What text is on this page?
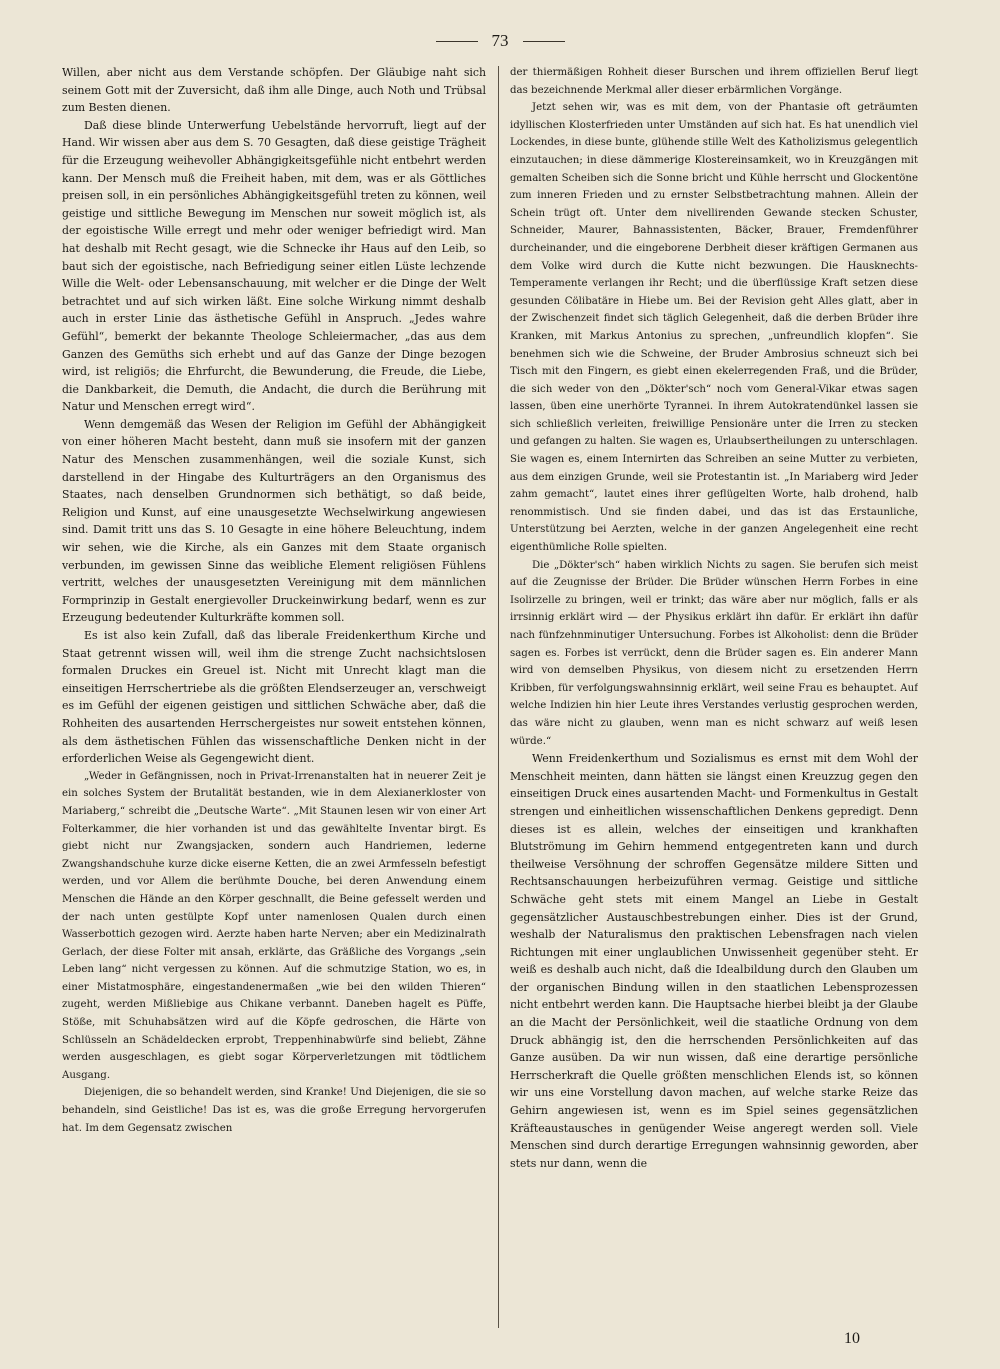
73

Willen, aber nicht aus dem Verstande schöpfen. Der Gläubige naht sich seinem Gott mit der Zuversicht, daß ihm alle Dinge, auch Noth und Trübsal zum Besten dienen.

Daß diese blinde Unterwerfung Uebelstände hervorruft, liegt auf der Hand. Wir wissen aber aus dem S. 70 Gesagten, daß diese geistige Trägheit für die Erzeugung weihevoller Abhängigkeitsgefühle nicht entbehrt werden kann. Der Mensch muß die Freiheit haben, mit dem, was er als Göttliches preisen soll, in ein persönliches Abhängigkeitsgefühl treten zu können, weil geistige und sittliche Bewegung im Menschen nur soweit möglich ist, als der egoistische Wille erregt und mehr oder weniger befriedigt wird. Man hat deshalb mit Recht gesagt, wie die Schnecke ihr Haus auf den Leib, so baut sich der egoistische, nach Befriedigung seiner eitlen Lüste lechzende Wille die Welt- oder Lebensanschauung, mit welcher er die Dinge der Welt betrachtet und auf sich wirken läßt. Eine solche Wirkung nimmt deshalb auch in erster Linie das ästhetische Gefühl in Anspruch. „Jedes wahre Gefühl“, bemerkt der bekannte Theologe Schleiermacher, „das aus dem Ganzen des Gemüths sich erhebt und auf das Ganze der Dinge bezogen wird, ist religiös; die Ehrfurcht, die Bewunderung, die Freude, die Liebe, die Dankbarkeit, die Demuth, die Andacht, die durch die Berührung mit Natur und Menschen erregt wird“.

Wenn demgemäß das Wesen der Religion im Gefühl der Abhängigkeit von einer höheren Macht besteht, dann muß sie insofern mit der ganzen Natur des Menschen zusammenhängen, weil die soziale Kunst, sich darstellend in der Hingabe des Kulturträgers an den Organismus des Staates, nach denselben Grundnormen sich bethätigt, so daß beide, Religion und Kunst, auf eine unausgesetzte Wechselwirkung angewiesen sind. Damit tritt uns das S. 10 Gesagte in eine höhere Beleuchtung, indem wir sehen, wie die Kirche, als ein Ganzes mit dem Staate organisch verbunden, im gewissen Sinne das weibliche Element religiösen Fühlens vertritt, welches der unausgesetzten Vereinigung mit dem männlichen Formprinzip in Gestalt energievoller Druckeinwirkung bedarf, wenn es zur Erzeugung bedeutender Kulturkräfte kommen soll.

Es ist also kein Zufall, daß das liberale Freidenkerthum Kirche und Staat getrennt wissen will, weil ihm die strenge Zucht nachsichtslosen formalen Druckes ein Greuel ist. Nicht mit Unrecht klagt man die einseitigen Herrschertriebe als die größten Elendserzeuger an, verschweigt es im Gefühl der eigenen geistigen und sittlichen Schwäche aber, daß die Rohheiten des ausartenden Herrschergeistes nur soweit entstehen können, als dem ästhetischen Fühlen das wissenschaftliche Denken nicht in der erforderlichen Weise als Gegengewicht dient.

„Weder in Gefängnissen, noch in Privat-Irrenanstalten hat in neuerer Zeit je ein solches System der Brutalität bestanden, wie in dem Alexianerkloster von Mariaberg,“ schreibt die „Deutsche Warte“. „Mit Staunen lesen wir von einer Art Folterkammer, die hier vorhanden ist und das gewähltelte Inventar birgt. Es giebt nicht nur Zwangsjacken, sondern auch Handriemen, lederne Zwangshandschuhe kurze dicke eiserne Ketten, die an zwei Armfesseln befestigt werden, und vor Allem die berühmte Douche, bei deren Anwendung einem Menschen die Hände an den Körper geschnallt, die Beine gefesselt werden und der nach unten gestülpte Kopf unter namenlosen Qualen durch einen Wasserbottich gezogen wird. Aerzte haben harte Nerven; aber ein Medizinalrath Gerlach, der diese Folter mit ansah, erklärte, das Gräßliche des Vorgangs „sein Leben lang“ nicht vergessen zu können. Auf die schmutzige Station, wo es, in einer Mistatmosphäre, eingestandenermaßen „wie bei den wilden Thieren“ zugeht, werden Mißliebige aus Chikane verbannt. Daneben hagelt es Püffe, Stöße, mit Schuhabsätzen wird auf die Köpfe gedroschen, die Härte von Schlüsseln an Schädeldecken erprobt, Treppenhinabwürfe sind beliebt, Zähne werden ausgeschlagen, es giebt sogar Körperverletzungen mit tödtlichem Ausgang.

Diejenigen, die so behandelt werden, sind Kranke! Und Diejenigen, die sie so behandeln, sind Geistliche! Das ist es, was die große Erregung hervorgerufen hat. Im dem Gegensatz zwischen

der thiermäßigen Rohheit dieser Burschen und ihrem offiziellen Beruf liegt das bezeichnende Merkmal aller dieser erbärmlichen Vorgänge.

Jetzt sehen wir, was es mit dem, von der Phantasie oft geträumten idyllischen Klosterfrieden unter Umständen auf sich hat. Es hat unendlich viel Lockendes, in diese bunte, glühende stille Welt des Katholizismus gelegentlich einzutauchen; in diese dämmerige Klostereinsamkeit, wo in Kreuzgängen mit gemalten Scheiben sich die Sonne bricht und Kühle herrscht und Glockentöne zum inneren Frieden und zu ernster Selbstbetrachtung mahnen. Allein der Schein trügt oft. Unter dem nivellirenden Gewande stecken Schuster, Schneider, Maurer, Bahnassistenten, Bäcker, Brauer, Fremdenführer durcheinander, und die eingeborene Derbheit dieser kräftigen Germanen aus dem Volke wird durch die Kutte nicht bezwungen. Die Hausknechts-Temperamente verlangen ihr Recht; und die überflüssige Kraft setzen diese gesunden Cölibatäre in Hiebe um. Bei der Revision geht Alles glatt, aber in der Zwischenzeit findet sich täglich Gelegenheit, daß die derben Brüder ihre Kranken, mit Markus Antonius zu sprechen, „unfreundlich klopfen“. Sie benehmen sich wie die Schweine, der Bruder Ambrosius schneuzt sich bei Tisch mit den Fingern, es giebt einen ekelerregenden Fraß, und die Brüder, die sich weder von den „Dökter'sch“ noch vom General-Vikar etwas sagen lassen, üben eine unerhörte Tyrannei. In ihrem Autokratendünkel lassen sie sich schließlich verleiten, freiwillige Pensionäre unter die Irren zu stecken und gefangen zu halten. Sie wagen es, Urlaubsertheilungen zu unterschlagen. Sie wagen es, einem Internirten das Schreiben an seine Mutter zu verbieten, aus dem einzigen Grunde, weil sie Protestantin ist. „In Mariaberg wird Jeder zahm gemacht“, lautet eines ihrer geflügelten Worte, halb drohend, halb renommistisch. Und sie finden dabei, und das ist das Erstaunliche, Unterstützung bei Aerzten, welche in der ganzen Angelegenheit eine recht eigenthümliche Rolle spielten.

Die „Dökter'sch“ haben wirklich Nichts zu sagen. Sie berufen sich meist auf die Zeugnisse der Brüder. Die Brüder wünschen Herrn Forbes in eine Isolirzelle zu bringen, weil er trinkt; das wäre aber nur möglich, falls er als irrsinnig erklärt wird — der Physikus erklärt ihn dafür. Er erklärt ihn dafür nach fünfzehnminutiger Untersuchung. Forbes ist Alkoholist: denn die Brüder sagen es. Forbes ist verrückt, denn die Brüder sagen es. Ein anderer Mann wird von demselben Physikus, von diesem nicht zu ersetzenden Herrn Kribben, für verfolgungswahnsinnig erklärt, weil seine Frau es behauptet. Auf welche Indizien hin hier Leute ihres Verstandes verlustig gesprochen werden, das wäre nicht zu glauben, wenn man es nicht schwarz auf weiß lesen würde.“

Wenn Freidenkerthum und Sozialismus es ernst mit dem Wohl der Menschheit meinten, dann hätten sie längst einen Kreuzzug gegen den einseitigen Druck eines ausartenden Macht- und Formenkultus in Gestalt strengen und einheitlichen wissenschaftlichen Denkens gepredigt. Denn dieses ist es allein, welches der einseitigen und krankhaften Blutströmung im Gehirn hemmend entgegentreten kann und durch theilweise Versöhnung der schroffen Gegensätze mildere Sitten und Rechtsanschauungen herbeizuführen vermag. Geistige und sittliche Schwäche geht stets mit einem Mangel an Liebe in Gestalt gegensätzlicher Austauschbestrebungen einher. Dies ist der Grund, weshalb der Naturalismus den praktischen Lebensfragen nach vielen Richtungen mit einer unglaublichen Unwissenheit gegenüber steht. Er weiß es deshalb auch nicht, daß die Idealbildung durch den Glauben um der organischen Bindung willen in den staatlichen Lebensprozessen nicht entbehrt werden kann. Die Hauptsache hierbei bleibt ja der Glaube an die Macht der Persönlichkeit, weil die staatliche Ordnung von dem Druck abhängig ist, den die herrschenden Persönlichkeiten auf das Ganze ausüben. Da wir nun wissen, daß eine derartige persönliche Herrscherkraft die Quelle größten menschlichen Elends ist, so können wir uns eine Vorstellung davon machen, auf welche starke Reize das Gehirn angewiesen ist, wenn es im Spiel seines gegensätzlichen Kräfteaustausches in genügender Weise angeregt werden soll. Viele Menschen sind durch derartige Erregungen wahnsinnig geworden, aber stets nur dann, wenn die

10
